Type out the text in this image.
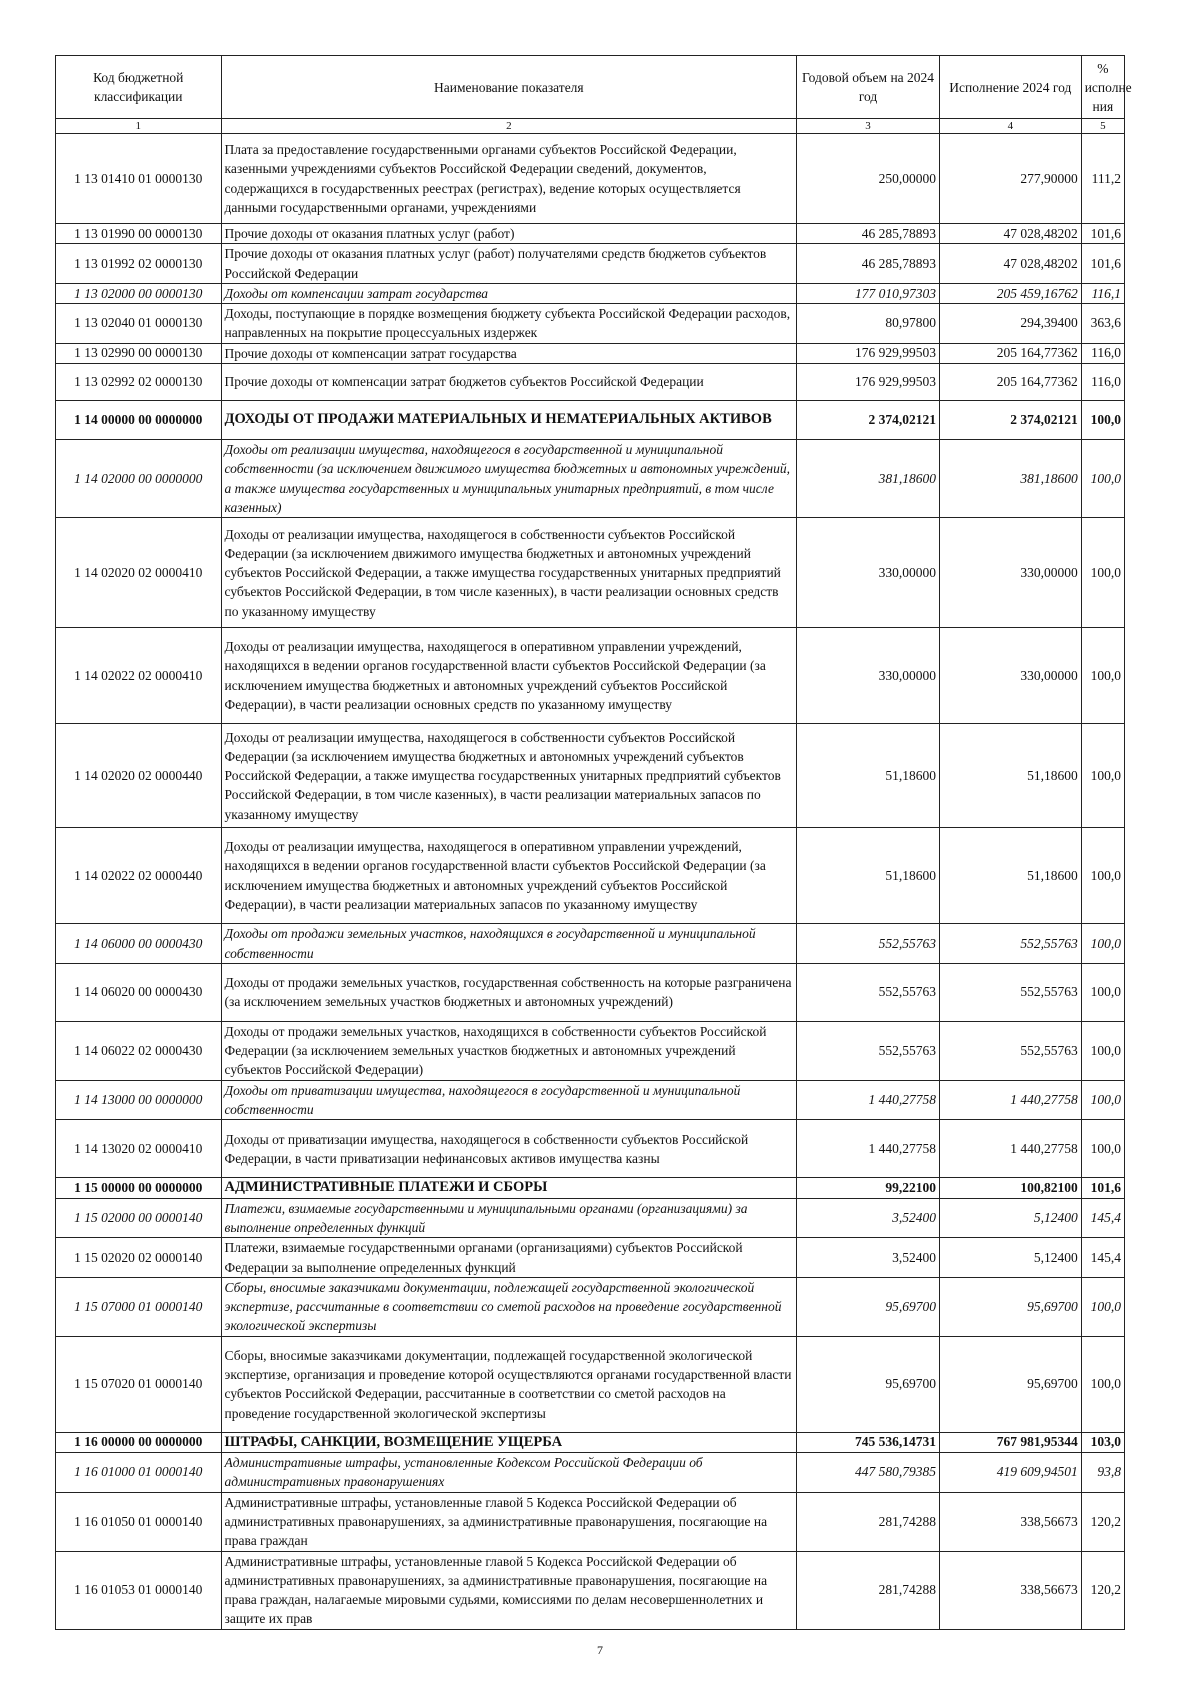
Код бюджетной классификации	Наименование показателя	Годовой объем на 2024 год	Исполнение 2024 год	% исполне ния
1	2	3	4	5
1 13 01410 01 0000130	Плата за предоставление государственными органами субъектов Российской Федерации, казенными учреждениями субъектов Российской Федерации сведений, документов, содержащихся в государственных реестрах (регистрах), ведение которых осуществляется данными государственными органами, учреждениями	250,00000	277,90000	111,2
1 13 01990 00 0000130	Прочие доходы от оказания платных услуг (работ)	46 285,78893	47 028,48202	101,6
1 13 01992 02 0000130	Прочие доходы от оказания платных услуг (работ) получателями средств бюджетов субъектов Российской Федерации	46 285,78893	47 028,48202	101,6
1 13 02000 00 0000130	Доходы от компенсации затрат государства	177 010,97303	205 459,16762	116,1
1 13 02040 01 0000130	Доходы, поступающие в порядке возмещения бюджету субъекта Российской Федерации расходов, направленных на покрытие процессуальных издержек	80,97800	294,39400	363,6
1 13 02990 00 0000130	Прочие доходы от компенсации затрат государства	176 929,99503	205 164,77362	116,0
1 13 02992 02 0000130	Прочие доходы от компенсации затрат бюджетов субъектов Российской Федерации	176 929,99503	205 164,77362	116,0
1 14 00000 00 0000000	ДОХОДЫ ОТ ПРОДАЖИ МАТЕРИАЛЬНЫХ И НЕМАТЕРИАЛЬНЫХ АКТИВОВ	2 374,02121	2 374,02121	100,0
1 14 02000 00 0000000	Доходы от реализации имущества, находящегося в государственной и муниципальной собственности (за исключением движимого имущества бюджетных и автономных учреждений, а также имущества государственных и муниципальных унитарных предприятий, в том числе казенных)	381,18600	381,18600	100,0
1 14 02020 02 0000410	Доходы от реализации имущества, находящегося в собственности субъектов Российской Федерации (за исключением движимого имущества бюджетных и автономных учреждений субъектов Российской Федерации, а также имущества государственных унитарных предприятий субъектов Российской Федерации, в том числе казенных), в части реализации основных средств по указанному имуществу	330,00000	330,00000	100,0
1 14 02022 02 0000410	Доходы от реализации имущества, находящегося в оперативном управлении учреждений, находящихся в ведении органов государственной власти субъектов Российской Федерации (за исключением имущества бюджетных и автономных учреждений субъектов Российской Федерации), в части реализации основных средств по указанному имуществу	330,00000	330,00000	100,0
1 14 02020 02 0000440	Доходы от реализации имущества, находящегося в собственности субъектов Российской Федерации (за исключением имущества бюджетных и автономных учреждений субъектов Российской Федерации, а также имущества государственных унитарных предприятий субъектов Российской Федерации, в том числе казенных), в части реализации материальных запасов по указанному имуществу	51,18600	51,18600	100,0
1 14 02022 02 0000440	Доходы от реализации имущества, находящегося в оперативном управлении учреждений, находящихся в ведении органов государственной власти субъектов Российской Федерации (за исключением имущества бюджетных и автономных учреждений субъектов Российской Федерации), в части реализации материальных запасов по указанному имуществу	51,18600	51,18600	100,0
1 14 06000 00 0000430	Доходы от продажи земельных участков, находящихся в государственной и муниципальной собственности	552,55763	552,55763	100,0
1 14 06020 00 0000430	Доходы от продажи земельных участков, государственная собственность на которые разграничена (за исключением земельных участков бюджетных и автономных учреждений)	552,55763	552,55763	100,0
1 14 06022 02 0000430	Доходы от продажи земельных участков, находящихся в собственности субъектов Российской Федерации (за исключением земельных участков бюджетных и автономных учреждений субъектов Российской Федерации)	552,55763	552,55763	100,0
1 14 13000 00 0000000	Доходы от приватизации имущества, находящегося в государственной и муниципальной собственности	1 440,27758	1 440,27758	100,0
1 14 13020 02 0000410	Доходы от приватизации имущества, находящегося в собственности субъектов Российской Федерации, в части приватизации нефинансовых активов имущества казны	1 440,27758	1 440,27758	100,0
1 15 00000 00 0000000	АДМИНИСТРАТИВНЫЕ ПЛАТЕЖИ И СБОРЫ	99,22100	100,82100	101,6
1 15 02000 00 0000140	Платежи, взимаемые государственными и муниципальными органами (организациями) за выполнение определенных функций	3,52400	5,12400	145,4
1 15 02020 02 0000140	Платежи, взимаемые государственными органами (организациями) субъектов Российской Федерации за выполнение определенных функций	3,52400	5,12400	145,4
1 15 07000 01 0000140	Сборы, вносимые заказчиками документации, подлежащей государственной экологической экспертизе, рассчитанные в соответствии со сметой расходов на проведение государственной экологической экспертизы	95,69700	95,69700	100,0
1 15 07020 01 0000140	Сборы, вносимые заказчиками документации, подлежащей государственной экологической экспертизе, организация и проведение которой осуществляются органами государственной власти субъектов Российской Федерации, рассчитанные в соответствии со сметой расходов на проведение государственной экологической экспертизы	95,69700	95,69700	100,0
1 16 00000 00 0000000	ШТРАФЫ, САНКЦИИ, ВОЗМЕЩЕНИЕ УЩЕРБА	745 536,14731	767 981,95344	103,0
1 16 01000 01 0000140	Административные штрафы, установленные Кодексом Российской Федерации об административных правонарушениях	447 580,79385	419 609,94501	93,8
1 16 01050 01 0000140	Административные штрафы, установленные главой 5 Кодекса Российской Федерации об административных правонарушениях, за административные правонарушения, посягающие на права граждан	281,74288	338,56673	120,2
1 16 01053 01 0000140	Административные штрафы, установленные главой 5 Кодекса Российской Федерации об административных правонарушениях, за административные правонарушения, посягающие на права граждан, налагаемые мировыми судьями, комиссиями по делам несовершеннолетних и защите их прав	281,74288	338,56673	120,2
7
